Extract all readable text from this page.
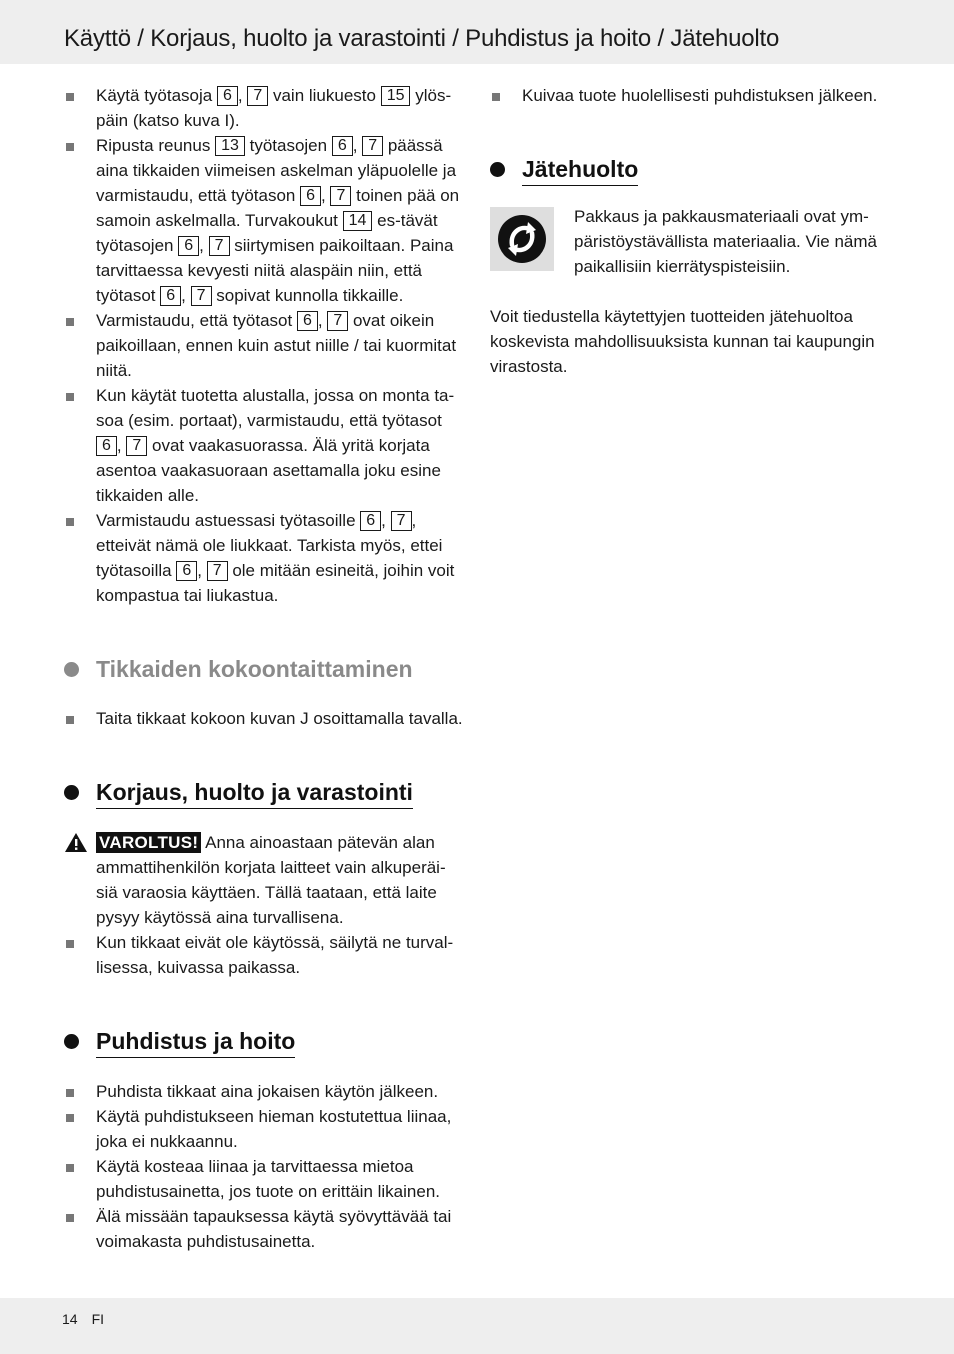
Käyttö / Korjaus, huolto ja varastointi / Puhdistus ja hoito / Jätehuolto
Käytä työtasoja 6 , 7 vain liukuesto 15 ylös-päin (katso kuva I).
Ripusta reunus 13 työtasojen 6 , 7 päässä aina tikkaiden viimeisen askelman yläpuolelle ja varmistaudu, että työtason 6 , 7 toinen pää on samoin askelmalla. Turvakoukut 14 es-tävät työtasojen 6 , 7 siirtymisen paikoiltaan. Paina tarvittaessa kevyesti niitä alaspäin niin, että työtasot 6 , 7 sopivat kunnolla tikkaille.
Varmistaudu, että työtasot 6 , 7 ovat oikein paikoillaan, ennen kuin astut niille / tai kuormitat niitä.
Kun käytät tuotetta alustalla, jossa on monta ta-soa (esim. portaat), varmistaudu, että työtasot 6 , 7 ovat vaakasuorassa. Älä yritä korjata asentoa vaakasuoraan asettamalla joku esine tikkaiden alle.
Varmistaudu astuessasi työtasoille 6 , 7 , etteivät nämä ole liukkaat. Tarkista myös, ettei työtasoilla 6 , 7 ole mitään esineitä, joihin voit kompastua tai liukastua.
Tikkaiden kokoontaittaminen
Taita tikkaat kokoon kuvan J osoittamalla tavalla.
Korjaus, huolto ja varastointi
VAROLTUS! Anna ainoastaan pätevän alan ammattihenkilön korjata laitteet vain alkuperäi-siä varaosia käyttäen. Tällä taataan, että laite pysyy käytössä aina turvallisena.
Kun tikkaat eivät ole käytössä, säilytä ne turval-lisessa, kuivassa paikassa.
Puhdistus ja hoito
Puhdista tikkaat aina jokaisen käytön jälkeen.
Käytä puhdistukseen hieman kostutettua liinaa, joka ei nukkaannu.
Käytä kosteaa liinaa ja tarvittaessa mietoa puhdistusainetta, jos tuote on erittäin likainen.
Älä missään tapauksessa käytä syövyttävää tai voimakasta puhdistusainetta.
Kuivaa tuote huolellisesti puhdistuksen jälkeen.
Jätehuolto
Pakkaus ja pakkausmateriaali ovat ym-päristöystävällista materiaalia. Vie nämä paikallisiin kierrätyspisteisiin.
Voit tiedustella käytettyjen tuotteiden jätehuoltoa koskevista mahdollisuuksista kunnan tai kaupungin virastosta.
14 FI
